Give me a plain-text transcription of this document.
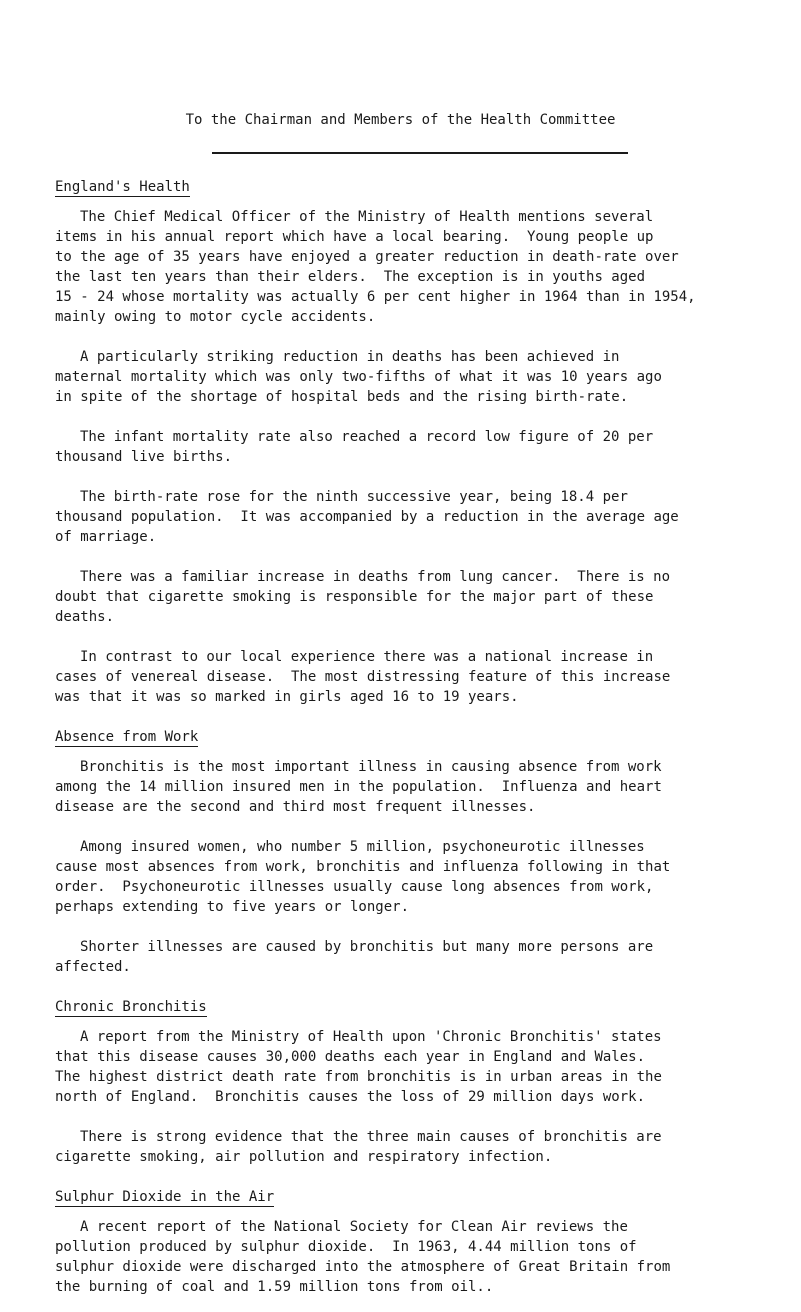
To the Chairman and Members of the Health Committee
England's Health

The Chief Medical Officer of the Ministry of Health mentions several
items in his annual report which have a local bearing.  Young people up
to the age of 35 years have enjoyed a greater reduction in death-rate over
the last ten years than their elders.  The exception is in youths aged
15 - 24 whose mortality was actually 6 per cent higher in 1964 than in 1954,
mainly owing to motor cycle accidents.

A particularly striking reduction in deaths has been achieved in
maternal mortality which was only two-fifths of what it was 10 years ago
in spite of the shortage of hospital beds and the rising birth-rate.

The infant mortality rate also reached a record low figure of 20 per
thousand live births.

The birth-rate rose for the ninth successive year, being 18.4 per
thousand population.  It was accompanied by a reduction in the average age
of marriage.

There was a familiar increase in deaths from lung cancer.  There is no
doubt that cigarette smoking is responsible for the major part of these
deaths.

In contrast to our local experience there was a national increase in
cases of venereal disease.  The most distressing feature of this increase
was that it was so marked in girls aged 16 to 19 years.

Absence from Work

Bronchitis is the most important illness in causing absence from work
among the 14 million insured men in the population.  Influenza and heart
disease are the second and third most frequent illnesses.

Among insured women, who number 5 million, psychoneurotic illnesses
cause most absences from work, bronchitis and influenza following in that
order.  Psychoneurotic illnesses usually cause long absences from work,
perhaps extending to five years or longer.

Shorter illnesses are caused by bronchitis but many more persons are
affected.

Chronic Bronchitis

A report from the Ministry of Health upon 'Chronic Bronchitis' states
that this disease causes 30,000 deaths each year in England and Wales.
The highest district death rate from bronchitis is in urban areas in the
north of England.  Bronchitis causes the loss of 29 million days work.

There is strong evidence that the three main causes of bronchitis are
cigarette smoking, air pollution and respiratory infection.

Sulphur Dioxide in the Air

A recent report of the National Society for Clean Air reviews the
pollution produced by sulphur dioxide.  In 1963, 4.44 million tons of
sulphur dioxide were discharged into the atmosphere of Great Britain from
the burning of coal and 1.59 million tons from oil..
